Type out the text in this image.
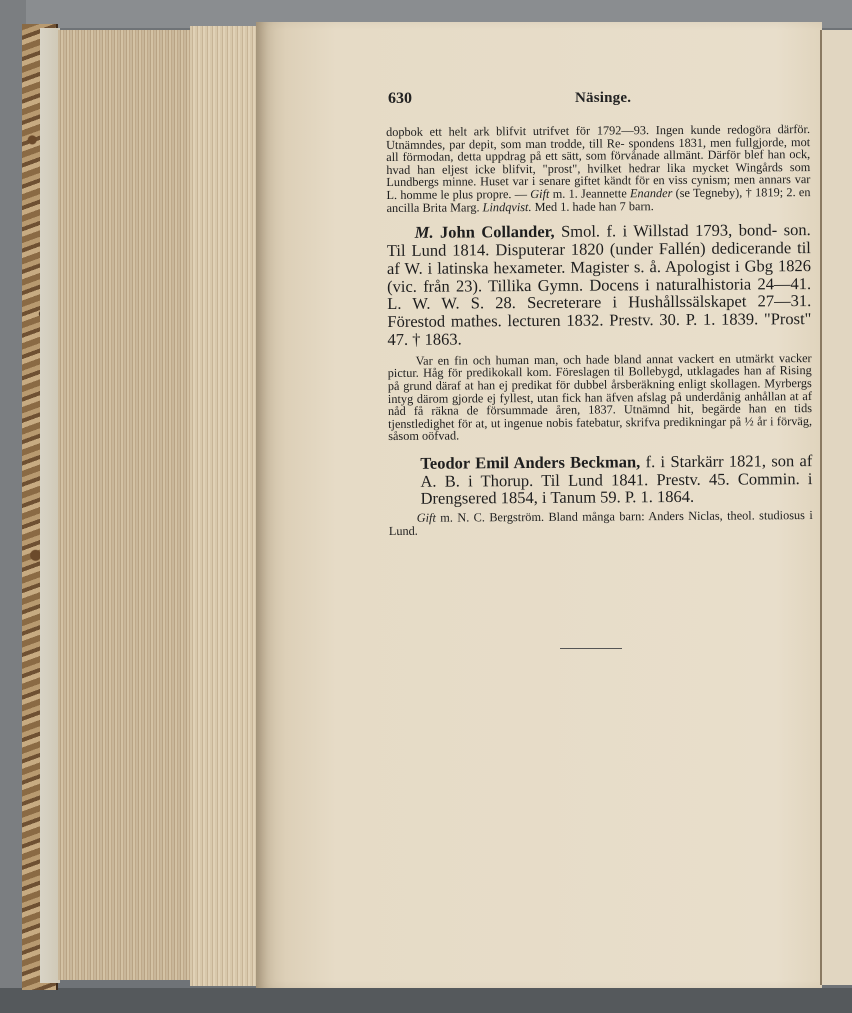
630	Näsinge.

dopbok ett helt ark blifvit utrifvet för 1792—93. Ingen kunde redogöra därför. Utnämndes, par depit, som man trodde, till Re- spondens 1831, men fullgjorde, mot all förmodan, detta uppdrag på ett sätt, som förvånade allmänt. Därför blef han ock, hvad han eljest icke blifvit, "prost", hvilket hedrar lika mycket Wingårds som Lundbergs minne. Huset var i senare giftet kändt för en viss cynism; men annars var L. homme le plus propre. — Gift m. 1. Jeannette Enander (se Tegneby), † 1819; 2. en ancilla Brita Marg. Lindqvist. Med 1. hade han 7 barn.

M. John Collander, Smol. f. i Willstad 1793, bond- son. Til Lund 1814. Disputerar 1820 (under Fallén) dedicerande til af W. i latinska hexameter. Magister s. å. Apologist i Gbg 1826 (vic. från 23). Tillika Gymn. Docens i naturalhistoria 24—41. L. W. W. S. 28. Secreterare i Hushållssälskapet 27—31. Förestod mathes. lecturen 1832. Prestv. 30. P. 1. 1839. "Prost" 47. † 1863.

Var en fin och human man, och hade bland annat vackert en utmärkt vacker pictur. Håg för predikokall kom. Föreslagen til Bollebygd, utklagades han af Rising på grund däraf at han ej predikat för dubbel årsberäkning enligt skollagen. Myrbergs intyg därom gjorde ej fyllest, utan fick han äfven afslag på underdånig anhållan at af nåd få räkna de försummade åren, 1837. Utnämnd hit, begärde han en tids tjenstledighet för at, ut ingenue nobis fatebatur, skrifva predikningar på ½ år i förväg, såsom oöfvad.

Teodor Emil Anders Beckman, f. i Starkärr 1821, son af A. B. i Thorup. Til Lund 1841. Prestv. 45. Commin. i Drengsered 1854, i Tanum 59. P. 1. 1864.

Gift m. N. C. Bergström. Bland många barn: Anders Niclas, theol. studiosus i Lund.
